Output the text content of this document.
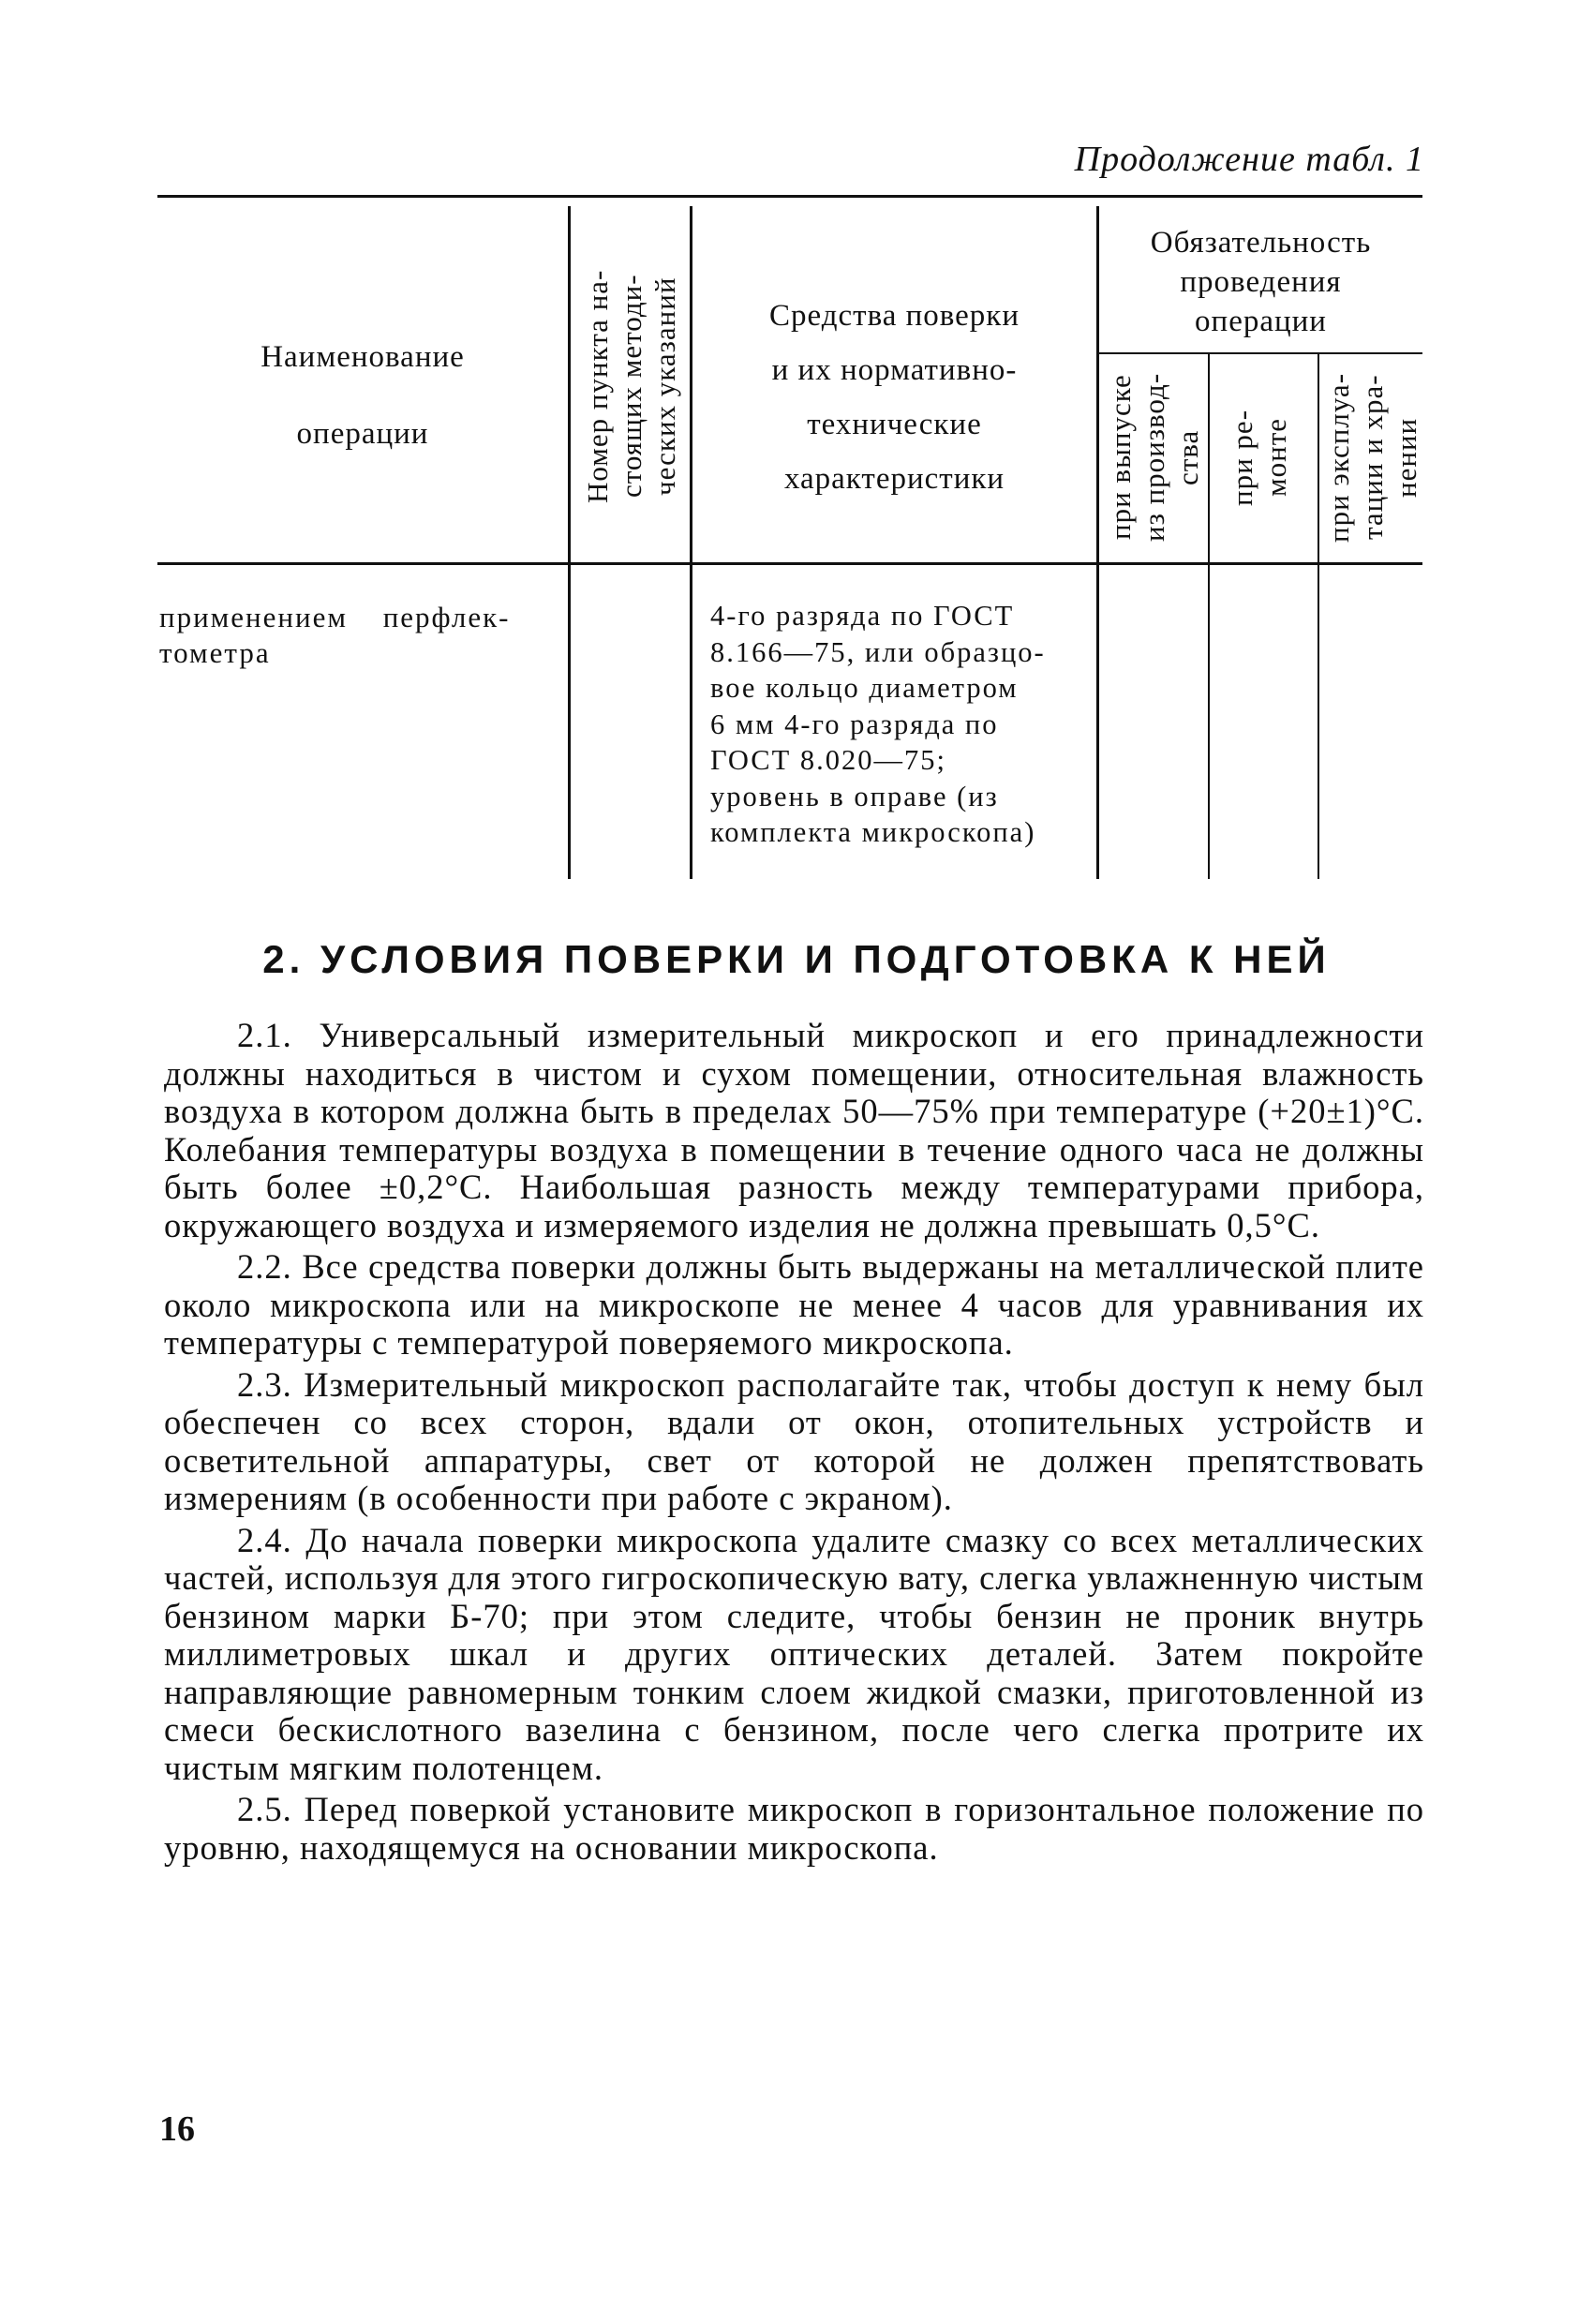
Продолжение табл. 1
Наименование
операции	Номер пункта на- стоящих методи- ческих указаний	Средства поверки
и их нормативно-
технические
характеристики
Обязательность
проведения
операции
при выпуске из производ- ства при ре- монте при эксплуа- тации и хра- нении
применением перфлек-
тометра
4-го разряда по ГОСТ
8.166—75, или образцо-
вое кольцо диаметром
6 мм 4-го разряда по
ГОСТ 8.020—75;
уровень в оправе (из
комплекта микроскопа)
2. УСЛОВИЯ ПОВЕРКИ И ПОДГОТОВКА К НЕЙ

2.1. Универсальный измерительный микроскоп и его принадлежности должны находиться в чистом и сухом помещении, относительная влажность воздуха в котором должна быть в пределах 50—75% при температуре (+20±1)°С. Колебания температуры воздуха в помещении в течение одного часа не должны быть более ±0,2°С. Наибольшая разность между температурами прибора, окружающего воздуха и измеряемого изделия не должна превышать 0,5°С.

2.2. Все средства поверки должны быть выдержаны на металлической плите около микроскопа или на микроскопе не менее 4 часов для уравнивания их температуры с температурой поверяемого микроскопа.

2.3. Измерительный микроскоп располагайте так, чтобы доступ к нему был обеспечен со всех сторон, вдали от окон, отопительных устройств и осветительной аппаратуры, свет от которой не должен препятствовать измерениям (в особенности при работе с экраном).

2.4. До начала поверки микроскопа удалите смазку со всех металлических частей, используя для этого гигроскопическую вату, слегка увлажненную чистым бензином марки Б-70; при этом следите, чтобы бензин не проник внутрь миллиметровых шкал и других оптических деталей. Затем покройте направляющие равномерным тонким слоем жидкой смазки, приготовленной из смеси бескислотного вазелина с бензином, после чего слегка протрите их чистым мягким полотенцем.

2.5. Перед поверкой установите микроскоп в горизонтальное положение по уровню, находящемуся на основании микроскопа.

16
